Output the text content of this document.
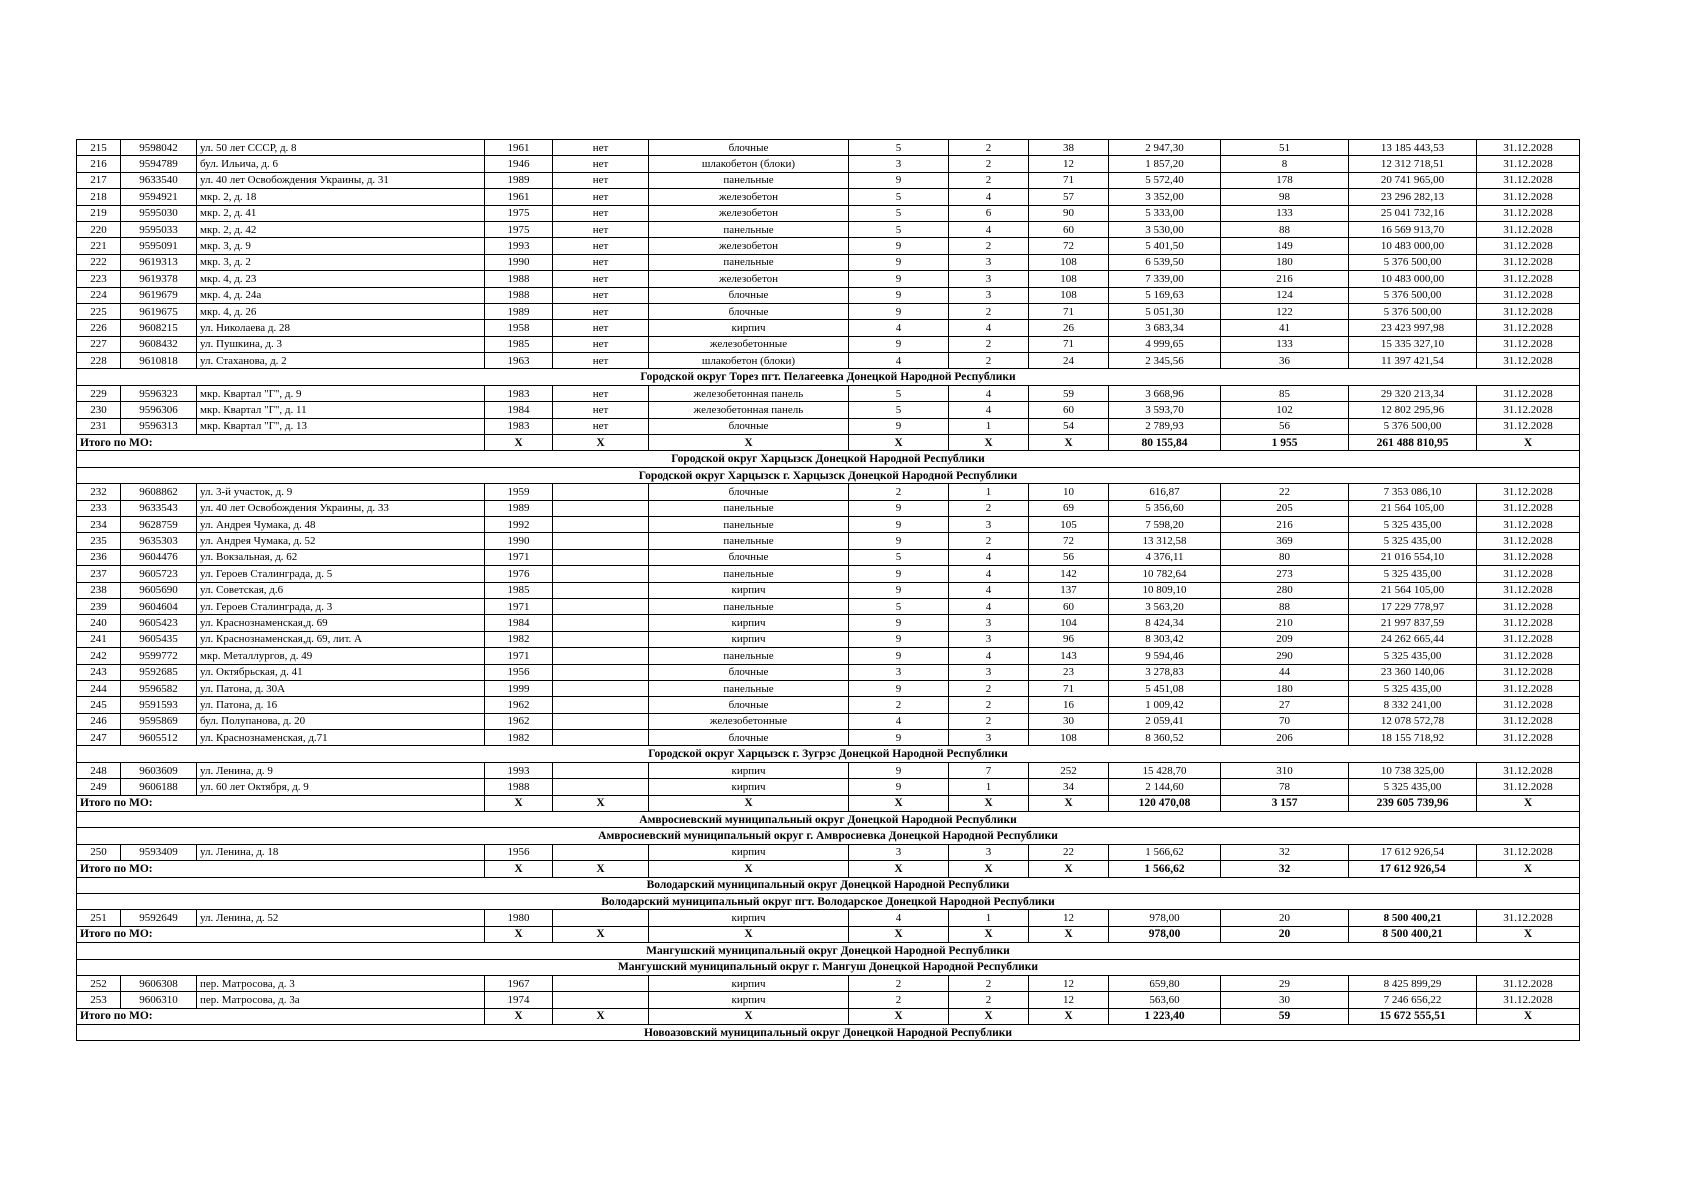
215	9598042	ул. 50 лет СССР, д. 8	1961	нет	блочные	5	2	38	2 947,30	51	13 185 443,53	31.12.2028
216	9594789	бул. Ильича, д. 6	1946	нет	шлакобетон (блоки)	3	2	12	1 857,20	8	12 312 718,51	31.12.2028
217	9633540	ул. 40 лет Освобождения Украины, д. 31	1989	нет	панельные	9	2	71	5 572,40	178	20 741 965,00	31.12.2028
218	9594921	мкр. 2, д. 18	1961	нет	железобетон	5	4	57	3 352,00	98	23 296 282,13	31.12.2028
219	9595030	мкр. 2, д. 41	1975	нет	железобетон	5	6	90	5 333,00	133	25 041 732,16	31.12.2028
220	9595033	мкр. 2, д. 42	1975	нет	панельные	5	4	60	3 530,00	88	16 569 913,70	31.12.2028
221	9595091	мкр. 3, д. 9	1993	нет	железобетон	9	2	72	5 401,50	149	10 483 000,00	31.12.2028
222	9619313	мкр. 3, д. 2	1990	нет	панельные	9	3	108	6 539,50	180	5 376 500,00	31.12.2028
223	9619378	мкр. 4, д. 23	1988	нет	железобетон	9	3	108	7 339,00	216	10 483 000,00	31.12.2028
224	9619679	мкр. 4, д. 24а	1988	нет	блочные	9	3	108	5 169,63	124	5 376 500,00	31.12.2028
225	9619675	мкр. 4, д. 26	1989	нет	блочные	9	2	71	5 051,30	122	5 376 500,00	31.12.2028
226	9608215	ул. Николаева д. 28	1958	нет	кирпич	4	4	26	3 683,34	41	23 423 997,98	31.12.2028
227	9608432	ул. Пушкина, д. 3	1985	нет	железобетонные	9	2	71	4 999,65	133	15 335 327,10	31.12.2028
228	9610818	ул. Стаханова, д. 2	1963	нет	шлакобетон (блоки)	4	2	24	2 345,56	36	11 397 421,54	31.12.2028
Городской округ Торез пгт. Пелагеевка Донецкой Народной Республики												
229	9596323	мкр. Квартал "Г", д. 9	1983	нет	железобетонная панель	5	4	59	3 668,96	85	29 320 213,34	31.12.2028
230	9596306	мкр. Квартал "Г", д. 11	1984	нет	железобетонная панель	5	4	60	3 593,70	102	12 802 295,96	31.12.2028
231	9596313	мкр. Квартал "Г", д. 13	1983	нет	блочные	9	1	54	2 789,93	56	5 376 500,00	31.12.2028
Итого по МО:			X	X	X	X	X	X	80 155,84	1 955	261 488 810,95	X
Городской округ Харцызск Донецкой Народной Республики												
Городской округ Харцызск г. Харцызск Донецкой Народной Республики												
232	9608862	ул. 3-й участок, д. 9	1959		блочные	2	1	10	616,87	22	7 353 086,10	31.12.2028
233	9633543	ул. 40 лет Освобождения Украины, д. 33	1989		панельные	9	2	69	5 356,60	205	21 564 105,00	31.12.2028
234	9628759	ул. Андрея Чумака, д. 48	1992		панельные	9	3	105	7 598,20	216	5 325 435,00	31.12.2028
235	9635303	ул. Андрея Чумака, д. 52	1990		панельные	9	2	72	13 312,58	369	5 325 435,00	31.12.2028
236	9604476	ул. Вокзальная, д. 62	1971		блочные	5	4	56	4 376,11	80	21 016 554,10	31.12.2028
237	9605723	ул. Героев Сталинграда, д. 5	1976		панельные	9	4	142	10 782,64	273	5 325 435,00	31.12.2028
238	9605690	ул. Советская, д.6	1985		кирпич	9	4	137	10 809,10	280	21 564 105,00	31.12.2028
239	9604604	ул. Героев Сталинграда, д. 3	1971		панельные	5	4	60	3 563,20	88	17 229 778,97	31.12.2028
240	9605423	ул. Краснознаменская,д. 69	1984		кирпич	9	3	104	8 424,34	210	21 997 837,59	31.12.2028
241	9605435	ул. Краснознаменская,д. 69, лит. А	1982		кирпич	9	3	96	8 303,42	209	24 262 665,44	31.12.2028
242	9599772	мкр. Металлургов, д. 49	1971		панельные	9	4	143	9 594,46	290	5 325 435,00	31.12.2028
243	9592685	ул. Октябрьская, д. 41	1956		блочные	3	3	23	3 278,83	44	23 360 140,06	31.12.2028
244	9596582	ул. Патона, д. 30А	1999		панельные	9	2	71	5 451,08	180	5 325 435,00	31.12.2028
245	9591593	ул. Патона, д. 16	1962		блочные	2	2	16	1 009,42	27	8 332 241,00	31.12.2028
246	9595869	бул. Полупанова, д. 20	1962		железобетонные	4	2	30	2 059,41	70	12 078 572,78	31.12.2028
247	9605512	ул. Краснознаменская, д.71	1982		блочные	9	3	108	8 360,52	206	18 155 718,92	31.12.2028
Городской округ Харцызск г. Зугрэс Донецкой Народной Республики												
248	9603609	ул. Ленина, д. 9	1993		кирпич	9	7	252	15 428,70	310	10 738 325,00	31.12.2028
249	9606188	ул. 60 лет Октября, д. 9	1988		кирпич	9	1	34	2 144,60	78	5 325 435,00	31.12.2028
Итого по МО:			X	X	X	X	X	X	120 470,08	3 157	239 605 739,96	X
Амвросиевский муниципальный округ Донецкой Народной Республики												
Амвросиевский муниципальный округ г. Амвросиевка Донецкой Народной Республики												
250	9593409	ул. Ленина, д. 18	1956		кирпич	3	3	22	1 566,62	32	17 612 926,54	31.12.2028
Итого по МО:			X	X	X	X	X	X	1 566,62	32	17 612 926,54	X
Володарский муниципальный округ Донецкой Народной Республики												
Володарский муниципальный округ пгт. Володарское Донецкой Народной Республики												
251	9592649	ул. Ленина, д. 52	1980		кирпич	4	1	12	978,00	20	8 500 400,21	31.12.2028
Итого по МО:			X	X	X	X	X	X	978,00	20	8 500 400,21	X
Мангушский муниципальный округ Донецкой Народной Республики												
Мангушский муниципальный округ г. Мангуш Донецкой Народной Республики												
252	9606308	пер. Матросова, д. 3	1967		кирпич	2	2	12	659,80	29	8 425 899,29	31.12.2028
253	9606310	пер. Матросова, д. 3а	1974		кирпич	2	2	12	563,60	30	7 246 656,22	31.12.2028
Итого по МО:			X	X	X	X	X	X	1 223,40	59	15 672 555,51	X
Новоазовский муниципальный округ Донецкой Народной Республики												
